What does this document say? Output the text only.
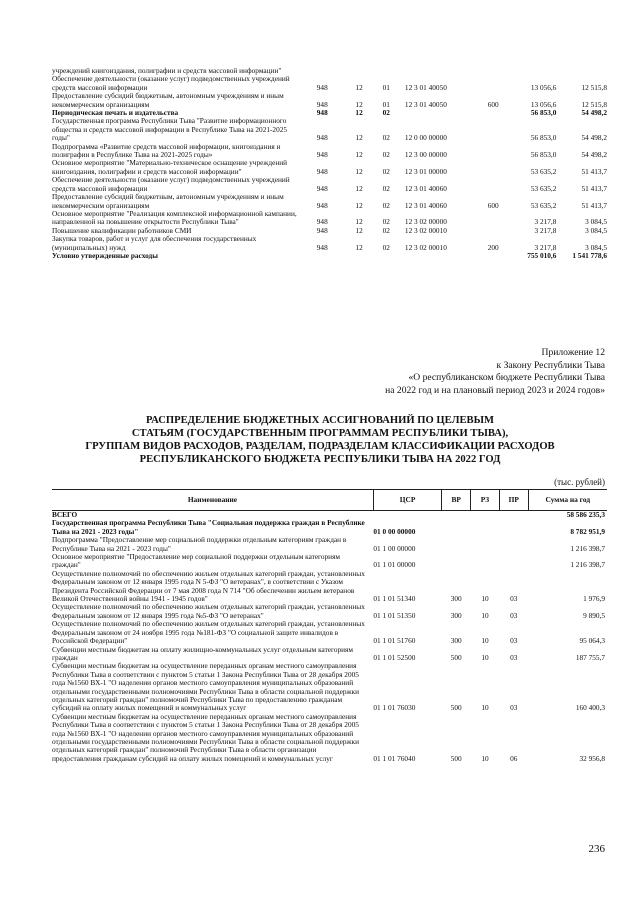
учреждений книгоиздания, полиграфии и средств массовой информации"							
Обеспечение деятельности (оказание услуг) подведомственных учреждений средств массовой информации	948	12	01	12 3 01 40050		13 056,6	12 515,8
Предоставление субсидий бюджетным, автономным учреждениям и иным некоммерческим организациям	948	12	01	12 3 01 40050	600	13 056,6	12 515,8
Периодическая печать и издательства	948	12	02			56 853,0	54 498,2
Государственная программа Республики Тыва "Развитие информационного общества и средств массовой информации в Республике Тыва на 2021-2025 годы"	948	12	02	12 0 00 00000		56 853,0	54 498,2
Подпрограмма «Развитие средств массовой информации, книгоиздания и полиграфии в Республике Тыва на 2021-2025 годы»	948	12	02	12 3 00 00000		56 853,0	54 498,2
Основное мероприятие "Материально-техническое оснащение учреждений книгоиздания, полиграфии и средств массовой информации"	948	12	02	12 3 01 00000		53 635,2	51 413,7
Обеспечение деятельности (оказание услуг) подведомственных учреждений средств массовой информации	948	12	02	12 3 01 40060		53 635,2	51 413,7
Предоставление субсидий бюджетным, автономным учреждениям и иным некоммерческим организациям	948	12	02	12 3 01 40060	600	53 635,2	51 413,7
Основное мероприятие "Реализация комплексной информационной кампании, направленной на повышение открытости Республики Тыва"	948	12	02	12 3 02 00000		3 217,8	3 084,5
Повышение квалификации работников СМИ	948	12	02	12 3 02 00010		3 217,8	3 084,5
Закупка товаров, работ и услуг для обеспечения государственных (муниципальных) нужд	948	12	02	12 3 02 00010	200	3 217,8	3 084,5
Условно утвержденные расходы						755 010,6	1 541 778,6
Приложение 12
к Закону Республики Тыва
«О республиканском бюджете Республики Тыва
на 2022 год и на плановый период 2023 и 2024 годов»
РАСПРЕДЕЛЕНИЕ БЮДЖЕТНЫХ АССИГНОВАНИЙ ПО ЦЕЛЕВЫМ
СТАТЬЯМ (ГОСУДАРСТВЕННЫМ ПРОГРАММАМ РЕСПУБЛИКИ ТЫВА),
ГРУППАМ ВИДОВ РАСХОДОВ, РАЗДЕЛАМ, ПОДРАЗДЕЛАМ КЛАССИФИКАЦИИ РАСХОДОВ
РЕСПУБЛИКАНСКОГО БЮДЖЕТА РЕСПУБЛИКИ ТЫВА НА 2022 ГОД
(тыс. рублей)
Наименование	ЦСР	ВР	РЗ	ПР	Сумма на год
ВСЕГО					58 586 235,3
Государственная программа Республики Тыва "Социальная поддержка граждан в Республике Тыва на 2021 - 2023 годы"	01 0 00 00000				8 782 951,9
Подпрограмма "Предоставление мер социальной поддержки отдельным категориям граждан в Республике Тыва на 2021 - 2023 годы"	01 1 00 00000				1 216 398,7
Основное мероприятие "Предоставление мер социальной поддержки отдельным категориям граждан"	01 1 01 00000				1 216 398,7
Осуществление полномочий по обеспечению жильем отдельных категорий граждан, установленных Федеральным законом от 12 января 1995 года N 5-ФЗ "О ветеранах", в соответствии с Указом Президента Российской Федерации от 7 мая 2008 года N 714 "Об обеспечении жильем ветеранов Великой Отечественной войны 1941 - 1945 годов"	01 1 01 51340	300	10	03	1 976,9
Осуществление полномочий по обеспечению жильем отдельных категорий граждан, установленных Федеральным законом от 12 января 1995 года №5-ФЗ "О ветеранах"	01 1 01 51350	300	10	03	9 890,5
Осуществление полномочий по обеспечению жильем отдельных категорий граждан, установленных Федеральным законом от 24 ноября 1995 года №181-ФЗ "О социальной защите инвалидов в Российской Федерации"	01 1 01 51760	300	10	03	95 064,3
Субвенции местным бюджетам на оплату жилищно-коммунальных услуг отдельным категориям граждан	01 1 01 52500	500	10	03	187 755,7
Субвенции местным бюджетам на осуществление переданных органам местного самоуправления Республики Тыва в соответствии с пунктом 5 статьи 1 Закона Республики Тыва от 28 декабря 2005 года №1560 ВХ-1 "О наделении органов местного самоуправления муниципальных образований отдельными государственными полномочиями Республики Тыва в области социальной поддержки отдельных категорий граждан" полномочий Республики Тыва по предоставлению гражданам субсидий на оплату жилых помещений и коммунальных услуг	01 1 01 76030	500	10	03	160 400,3
Субвенции местным бюджетам на осуществление переданных органам местного самоуправления Республики Тыва в соответствии с пунктом 5 статьи 1 Закона Республики Тыва от 28 декабря 2005 года №1560 ВХ-1 "О наделении органов местного самоуправления муниципальных образований отдельными государственными полномочиями Республики Тыва в области социальной поддержки отдельных категорий граждан" полномочий Республики Тыва в области организации предоставления гражданам субсидий на оплату жилых помещений и коммунальных услуг	01 1 01 76040	500	10	06	32 956,8
236
